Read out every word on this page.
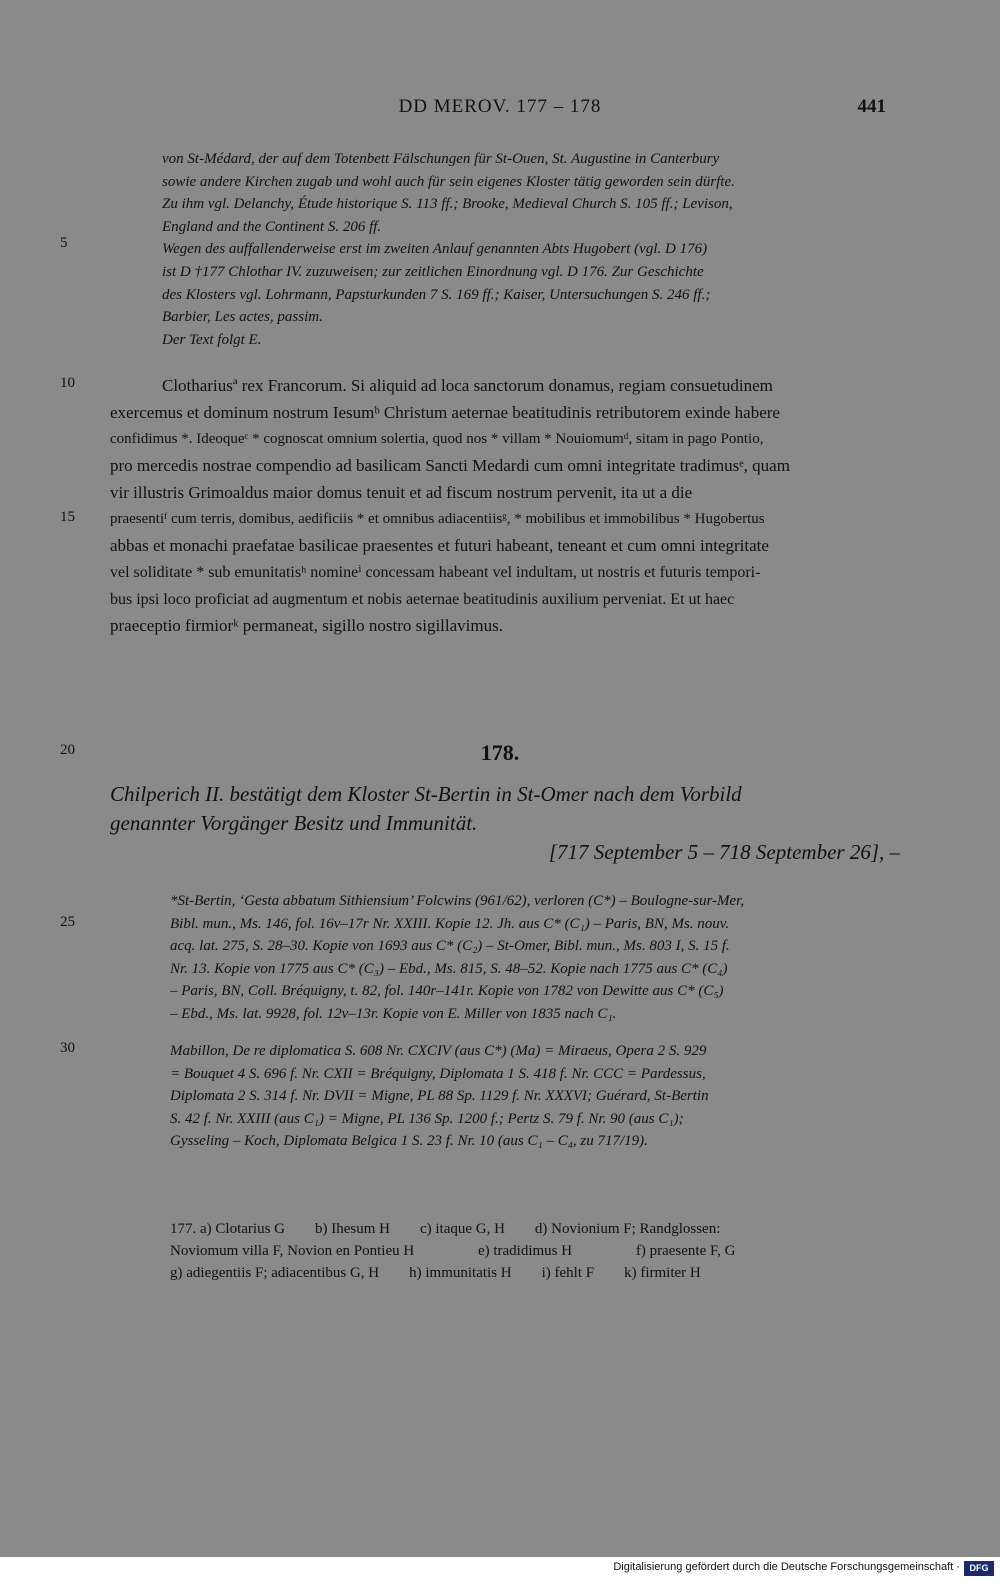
DD MEROV. 177 – 178	441
5
10
15
20
25
30
von St-Médard, der auf dem Totenbett Fälschungen für St-Ouen, St. Augustine in Canterbury
sowie andere Kirchen zugab und wohl auch für sein eigenes Kloster tätig geworden sein dürfte.
Zu ihm vgl. Delanchy, Étude historique S. 113 ff.; Brooke, Medieval Church S. 105 ff.; Levison,
England and the Continent S. 206 ff.
Wegen des auffallenderweise erst im zweiten Anlauf genannten Abts Hugobert (vgl. D 176)
ist D †177 Chlothar IV. zuzuweisen; zur zeitlichen Einordnung vgl. D 176. Zur Geschichte
des Klosters vgl. Lohrmann, Papsturkunden 7 S. 169 ff.; Kaiser, Untersuchungen S. 246 ff.;
Barbier, Les actes, passim.
Der Text folgt E.
Clothariusª rex Francorum. Si aliquid ad loca sanctorum donamus, regiam consuetudinem
exercemus et dominum nostrum Iesumᵇ Christum aeternae beatitudinis retributorem exinde habere
confidimus *. Ideoqueᶜ * cognoscat omnium solertia, quod nos * villam * Nouiomumᵈ, sitam in pago Pontio,
pro mercedis nostrae compendio ad basilicam Sancti Medardi cum omni integritate tradimusᵉ, quam
vir illustris Grimoaldus maior domus tenuit et ad fiscum nostrum pervenit, ita ut a die
praesentiᶠ cum terris, domibus, aedificiis * et omnibus adiacentiisᵍ, * mobilibus et immobilibus * Hugobertus
abbas et monachi praefatae basilicae praesentes et futuri habeant, teneant et cum omni integritate
vel soliditate * sub emunitatisʰ nomineⁱ concessam habeant vel indultam, ut nostris et futuris tempori-
bus ipsi loco proficiat ad augmentum et nobis aeternae beatitudinis auxilium perveniat. Et ut haec
praeceptio firmiorᵏ permaneat, sigillo nostro sigillavimus.
178.
Chilperich II. bestätigt dem Kloster St-Bertin in St-Omer nach dem Vorbild
genannter Vorgänger Besitz und Immunität.
[717 September 5 – 718 September 26], –
*St-Bertin, ‘Gesta abbatum Sithiensium’ Folcwins (961/62), verloren (C*) – Boulogne-sur-Mer,
Bibl. mun., Ms. 146, fol. 16v–17r Nr. XXIII. Kopie 12. Jh. aus C* (C₁) – Paris, BN, Ms. nouv.
acq. lat. 275, S. 28–30. Kopie von 1693 aus C* (C₂) – St-Omer, Bibl. mun., Ms. 803 I, S. 15 f.
Nr. 13. Kopie von 1775 aus C* (C₃) – Ebd., Ms. 815, S. 48–52. Kopie nach 1775 aus C* (C₄)
– Paris, BN, Coll. Bréquigny, t. 82, fol. 140r–141r. Kopie von 1782 von Dewitte aus C* (C₅)
– Ebd., Ms. lat. 9928, fol. 12v–13r. Kopie von E. Miller von 1835 nach C₁.
Mabillon, De re diplomatica S. 608 Nr. CXCIV (aus C*) (Ma) = Miraeus, Opera 2 S. 929
= Bouquet 4 S. 696 f. Nr. CXII = Bréquigny, Diplomata 1 S. 418 f. Nr. CCC = Pardessus,
Diplomata 2 S. 314 f. Nr. DVII = Migne, PL 88 Sp. 1129 f. Nr. XXXVI; Guérard, St-Bertin
S. 42 f. Nr. XXIII (aus C₁) = Migne, PL 136 Sp. 1200 f.; Pertz S. 79 f. Nr. 90 (aus C₁);
Gysseling – Koch, Diplomata Belgica 1 S. 23 f. Nr. 10 (aus C₁ – C₄, zu 717/19).
177. a) Clotarius G        b) Ihesum H        c) itaque G, H        d) Novionium F; Randglossen:
Noviomum villa F, Novion en Pontieu H                 e) tradidimus H                 f) praesente F, G
g) adiegentiis F; adiacentibus G, H        h) immunitatis H        i) fehlt F        k) firmiter H
Digitalisierung gefördert durch die Deutsche Forschungsgemeinschaft ·	DFG
